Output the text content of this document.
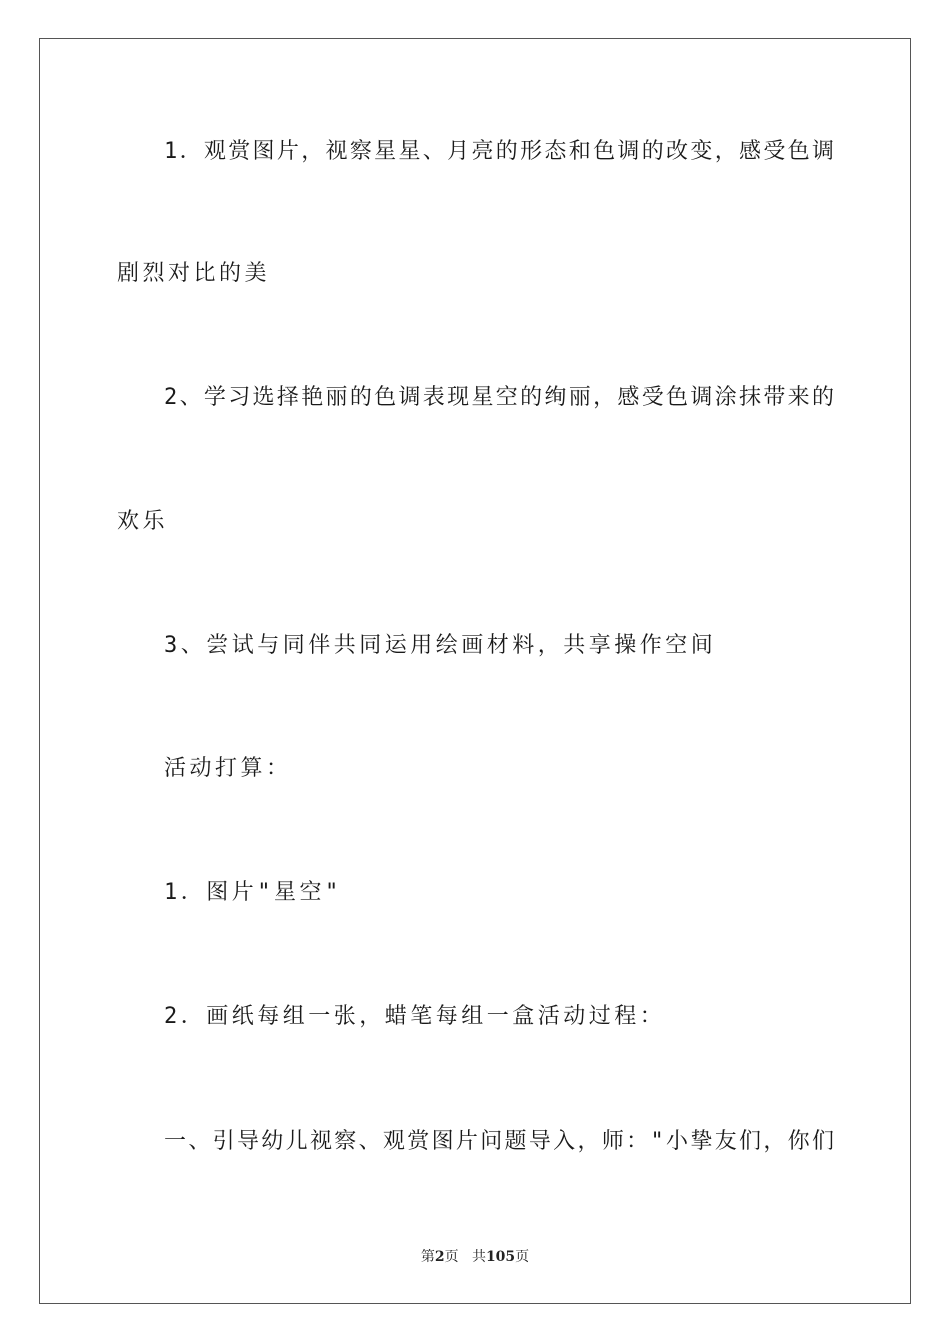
1．观赏图片，视察星星、月亮的形态和色调的改变，感受色调
剧烈对比的美
2、学习选择艳丽的色调表现星空的绚丽，感受色调涂抹带来的
欢乐
3、尝试与同伴共同运用绘画材料，共享操作空间
活动打算：
1．图片"星空"
2．画纸每组一张，蜡笔每组一盒活动过程：
一、引导幼儿视察、观赏图片问题导入，师："小挚友们，你们
第2页 共105页
